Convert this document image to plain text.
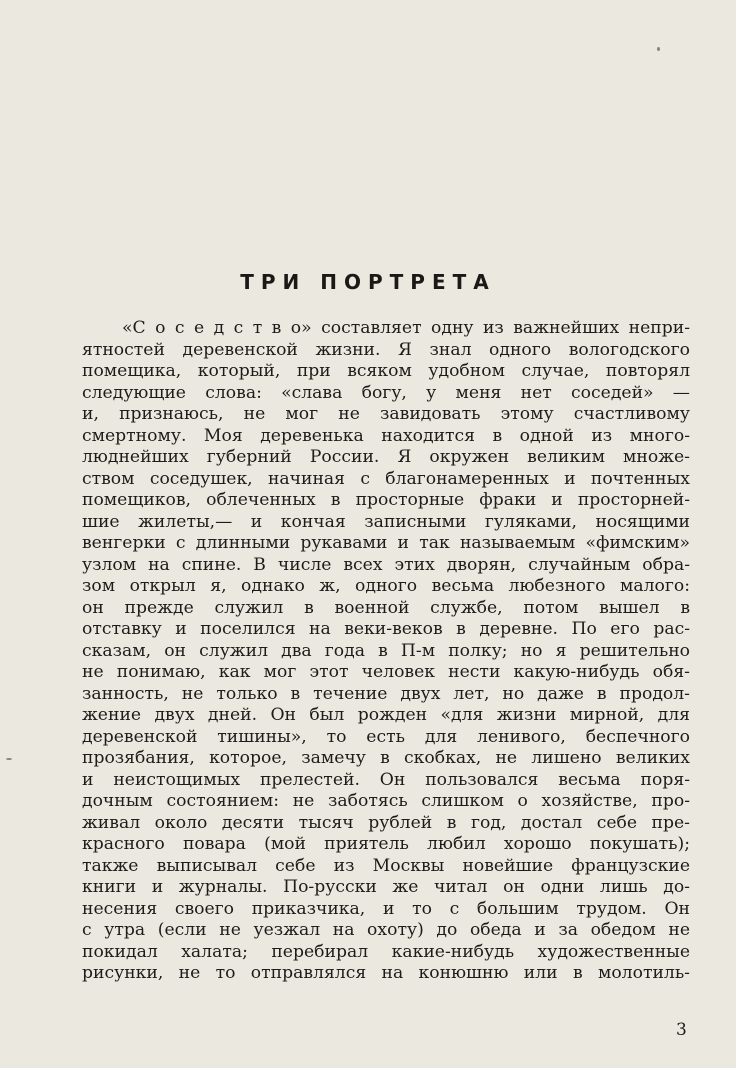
ТРИ ПОРТРЕТА
«С о с е д с т в о» составляет одну из важнейших непри-
ятностей деревенской жизни. Я знал одного вологодского
помещика, который, при всяком удобном случае, повторял
следующие слова: «слава богу, у меня нет соседей» —
и, признаюсь, не мог не завидовать этому счастливому
смертному. Моя деревенька находится в одной из много-
люднейших губерний России. Я окружен великим множе-
ством соседушек, начиная с благонамеренных и почтенных
помещиков, облеченных в просторные фраки и просторней-
шие жилеты,— и кончая записными гуляками, носящими
венгерки с длинными рукавами и так называемым «фимским»
узлом на спине. В числе всех этих дворян, случайным обра-
зом открыл я, однако ж, одного весьма любезного малого:
он прежде служил в военной службе, потом вышел в
отставку и поселился на веки-веков в деревне. По его рас-
сказам, он служил два года в П-м полку; но я решительно
не понимаю, как мог этот человек нести какую-нибудь обя-
занность, не только в течение двух лет, но даже в продол-
жение двух дней. Он был рожден «для жизни мирной, для
деревенской тишины», то есть для ленивого, беспечного
прозябания, которое, замечу в скобках, не лишено великих
и неистощимых прелестей. Он пользовался весьма поря-
дочным состоянием: не заботясь слишком о хозяйстве, про-
живал около десяти тысяч рублей в год, достал себе пре-
красного повара (мой приятель любил хорошо покушать);
также выписывал себе из Москвы новейшие французские
книги и журналы. По-русски же читал он одни лишь до-
несения своего приказчика, и то с большим трудом. Он
с утра (если не уезжал на охоту) до обеда и за обедом не
покидал халата; перебирал какие-нибудь художественные
рисунки, не то отправлялся на конюшню или в молотиль-
3
